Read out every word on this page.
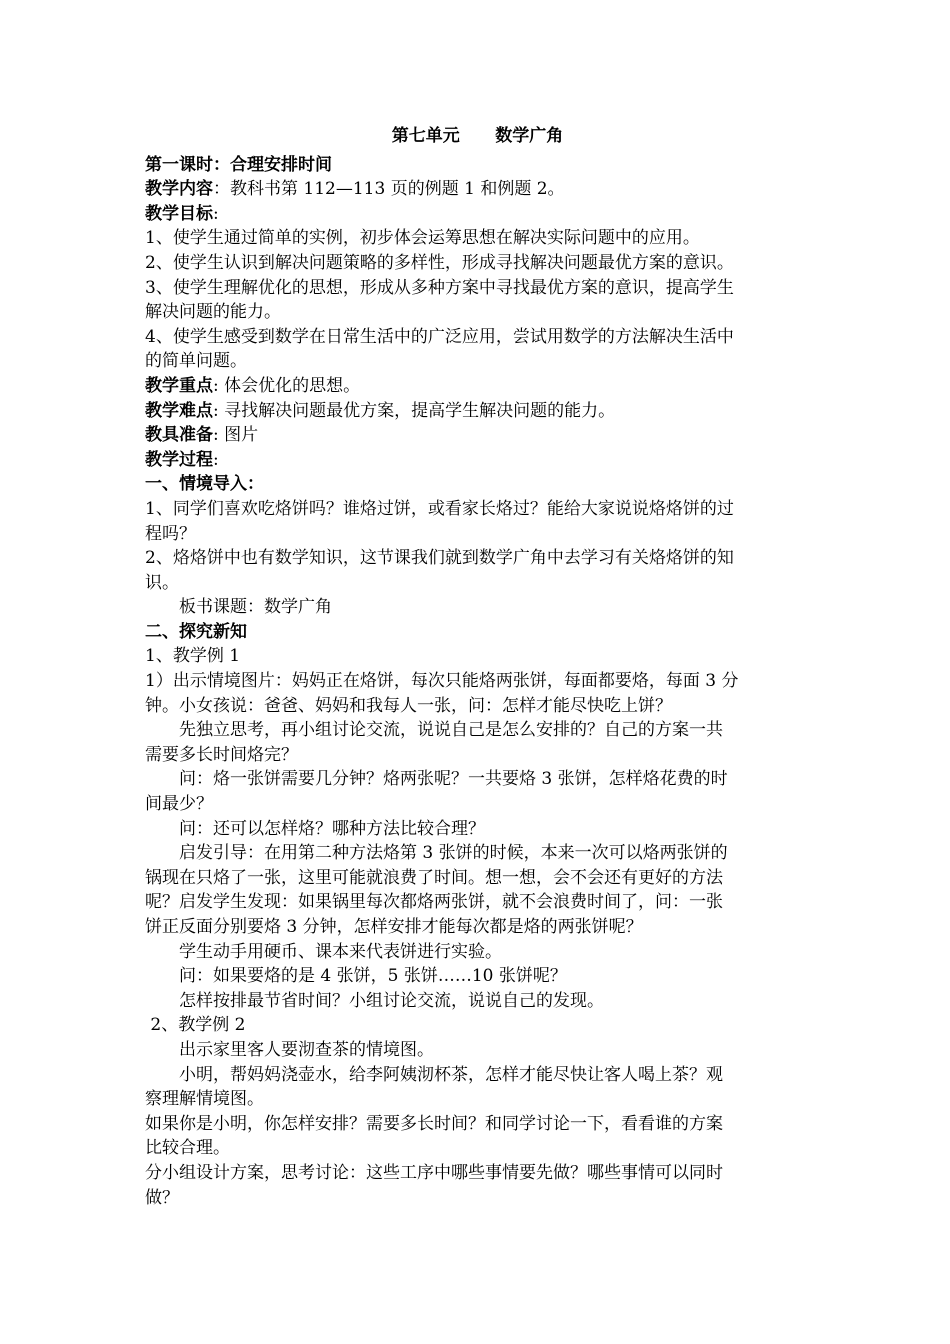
第七单元      数学广角
第一课时：合理安排时间
教学内容：教科书第 112—113 页的例题 1 和例题 2。
教学目标:
1、使学生通过简单的实例，初步体会运筹思想在解决实际问题中的应用。
2、使学生认识到解决问题策略的多样性，形成寻找解决问题最优方案的意识。
3、使学生理解优化的思想，形成从多种方案中寻找最优方案的意识，提高学生
解决问题的能力。
4、使学生感受到数学在日常生活中的广泛应用，尝试用数学的方法解决生活中
的简单问题。
教学重点: 体会优化的思想。
教学难点: 寻找解决问题最优方案，提高学生解决问题的能力。
教具准备: 图片
教学过程:
一、情境导入：
1、同学们喜欢吃烙饼吗？谁烙过饼，或看家长烙过？能给大家说说烙烙饼的过
程吗？
2、烙烙饼中也有数学知识，这节课我们就到数学广角中去学习有关烙烙饼的知
识。
板书课题：数学广角
二、探究新知
1、教学例 1
1）出示情境图片：妈妈正在烙饼，每次只能烙两张饼，每面都要烙，每面 3 分
钟。小女孩说：爸爸、妈妈和我每人一张，问：怎样才能尽快吃上饼？
先独立思考，再小组讨论交流，说说自己是怎么安排的？自己的方案一共
需要多长时间烙完？
问：烙一张饼需要几分钟？烙两张呢？一共要烙 3 张饼，怎样烙花费的时
间最少？
问：还可以怎样烙？哪种方法比较合理？
启发引导：在用第二种方法烙第 3 张饼的时候，本来一次可以烙两张饼的
锅现在只烙了一张，这里可能就浪费了时间。想一想，会不会还有更好的方法
呢？启发学生发现：如果锅里每次都烙两张饼，就不会浪费时间了，问：一张
饼正反面分别要烙 3 分钟，怎样安排才能每次都是烙的两张饼呢？
学生动手用硬币、课本来代表饼进行实验。
问：如果要烙的是 4 张饼，5 张饼……10 张饼呢？
怎样按排最节省时间？小组讨论交流，说说自己的发现。
2、教学例 2
出示家里客人要沏查茶的情境图。
小明，帮妈妈浇壶水，给李阿姨沏杯茶，怎样才能尽快让客人喝上茶？观
察理解情境图。
如果你是小明，你怎样安排？需要多长时间？和同学讨论一下，看看谁的方案
比较合理。
分小组设计方案，思考讨论：这些工序中哪些事情要先做？哪些事情可以同时
做？
